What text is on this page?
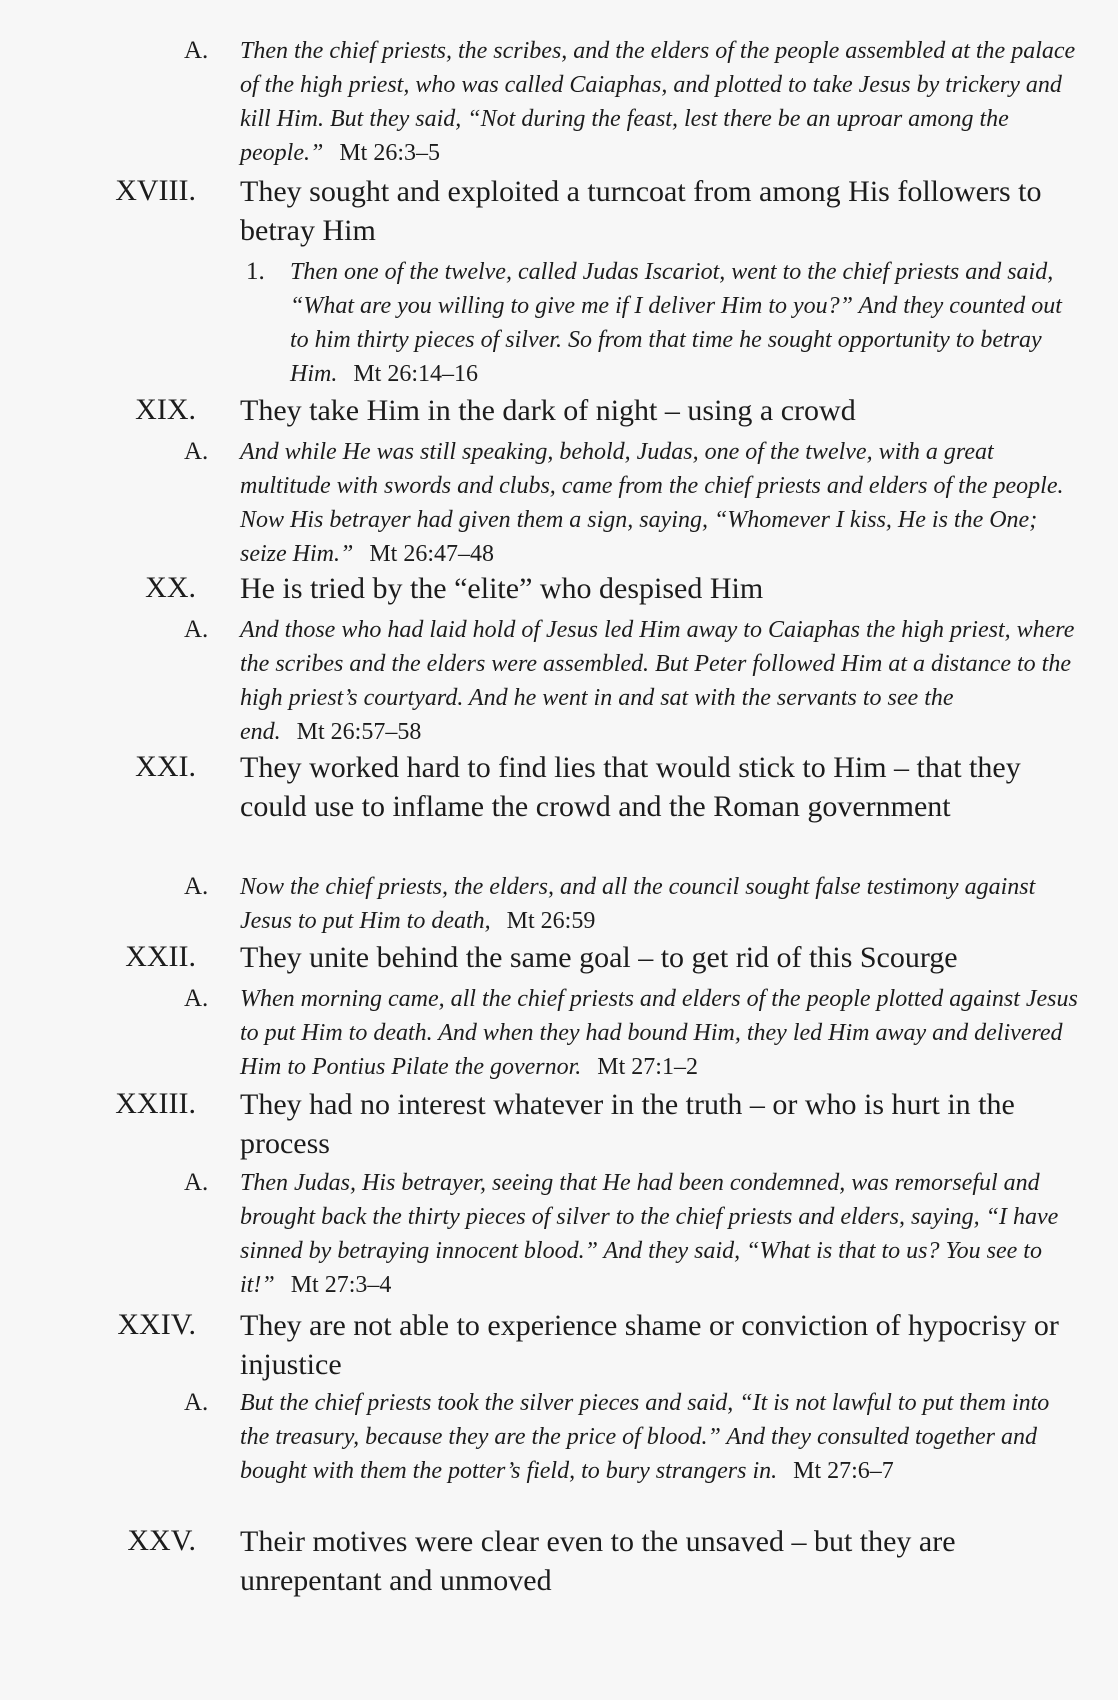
A.	Then the chief priests, the scribes, and the elders of the people assembled at the palace of the high priest, who was called Caiaphas, and plotted to take Jesus by trickery and kill Him. But they said, “Not during the feast, lest there be an uproar among the people.” Mt 26:3–5
XVIII. They sought and exploited a turncoat from among His followers to betray Him
1.	Then one of the twelve, called Judas Iscariot, went to the chief priests and said, “What are you willing to give me if I deliver Him to you?” And they counted out to him thirty pieces of silver. So from that time he sought opportunity to betray Him. Mt 26:14–16
XIX. They take Him in the dark of night – using a crowd
A.	And while He was still speaking, behold, Judas, one of the twelve, with a great multitude with swords and clubs, came from the chief priests and elders of the people. Now His betrayer had given them a sign, saying, “Whomever I kiss, He is the One; seize Him.” Mt 26:47–48
XX. He is tried by the “elite” who despised Him
A.	And those who had laid hold of Jesus led Him away to Caiaphas the high priest, where the scribes and the elders were assembled. But Peter followed Him at a distance to the high priest’s courtyard. And he went in and sat with the servants to see the end. Mt 26:57–58
XXI. They worked hard to find lies that would stick to Him – that they could use to inflame the crowd and the Roman government
A.	Now the chief priests, the elders, and all the council sought false testimony against Jesus to put Him to death, Mt 26:59
XXII. They unite behind the same goal – to get rid of this Scourge
A.	When morning came, all the chief priests and elders of the people plotted against Jesus to put Him to death. And when they had bound Him, they led Him away and delivered Him to Pontius Pilate the governor. Mt 27:1–2
XXIII. They had no interest whatever in the truth – or who is hurt in the process
A.	Then Judas, His betrayer, seeing that He had been condemned, was remorseful and brought back the thirty pieces of silver to the chief priests and elders, saying, “I have sinned by betraying innocent blood.” And they said, “What is that to us? You see to it!” Mt 27:3–4
XXIV. They are not able to experience shame or conviction of hypocrisy or injustice
A.	But the chief priests took the silver pieces and said, “It is not lawful to put them into the treasury, because they are the price of blood.” And they consulted together and bought with them the potter’s field, to bury strangers in. Mt 27:6–7
XXV. Their motives were clear even to the unsaved – but they are unrepentant and unmoved
